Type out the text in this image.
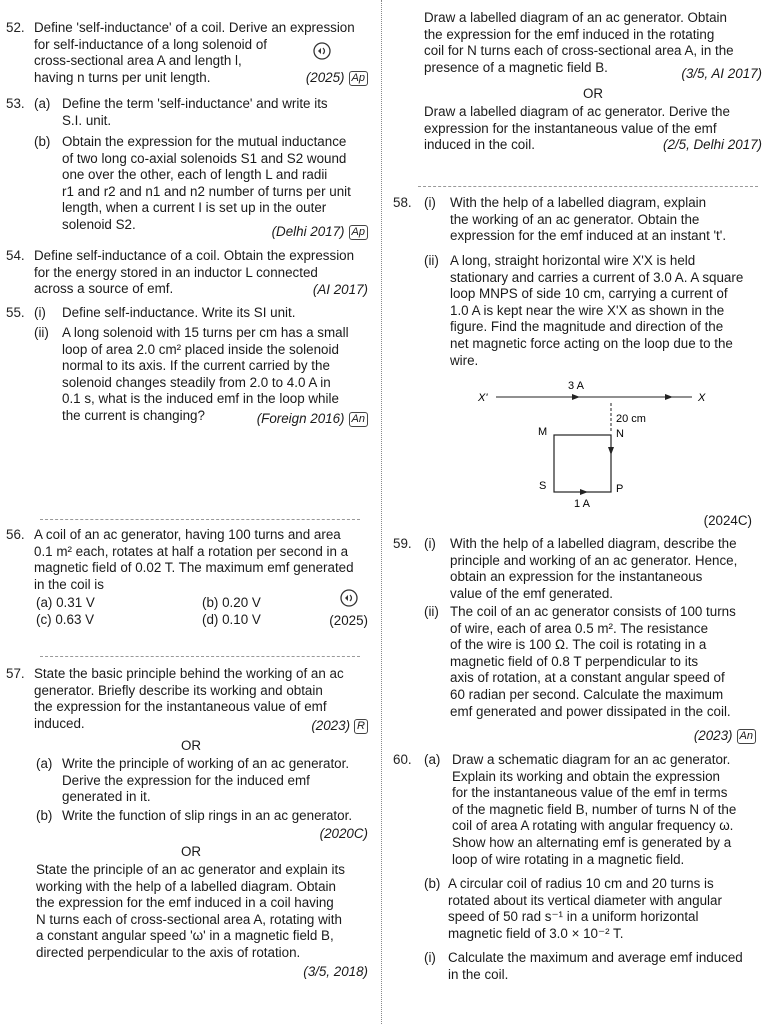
52. Define 'self-inductance' of a coil. Derive an expression
for self-inductance of a long solenoid of
cross-sectional area A and length l,
having n turns per unit length.	(2025) Ap
53. (a) Define the term 'self-inductance' and write its
S.I. unit.
(b) Obtain the expression for the mutual inductance
of two long co-axial solenoids S1 and S2 wound
one over the other, each of length L and radii
r1 and r2 and n1 and n2 number of turns per unit
length, when a current I is set up in the outer
solenoid S2.	(Delhi 2017) Ap
54. Define self-inductance of a coil. Obtain the expression
for the energy stored in an inductor L connected
across a source of emf.	(AI 2017)
55. (i) Define self-inductance. Write its SI unit.
(ii) A long solenoid with 15 turns per cm has a small
loop of area 2.0 cm² placed inside the solenoid
normal to its axis. If the current carried by the
solenoid changes steadily from 2.0 to 4.0 A in
0.1 s, what is the induced emf in the loop while
the current is changing?	(Foreign 2016) An
56. A coil of an ac generator, having 100 turns and area
0.1 m² each, rotates at half a rotation per second in a
magnetic field of 0.02 T. The maximum emf generated
in the coil is
(a) 0.31 V	(b) 0.20 V
(c) 0.63 V	(d) 0.10 V	(2025)
57. State the basic principle behind the working of an ac
generator. Briefly describe its working and obtain
the expression for the instantaneous value of emf
induced.	(2023) R
OR
(a) Write the principle of working of an ac generator.
Derive the expression for the induced emf
generated in it.
(b) Write the function of slip rings in an ac generator.
(2020C)
OR
State the principle of an ac generator and explain its
working with the help of a labelled diagram. Obtain
the expression for the emf induced in a coil having
N turns each of cross-sectional area A, rotating with
a constant angular speed 'ω' in a magnetic field B,
directed perpendicular to the axis of rotation.
(3/5, 2018)
Draw a labelled diagram of an ac generator. Obtain
the expression for the emf induced in the rotating
coil for N turns each of cross-sectional area A, in the
presence of a magnetic field B.	(3/5, AI 2017)
OR
Draw a labelled diagram of ac generator. Derive the
expression for the instantaneous value of the emf
induced in the coil.	(2/5, Delhi 2017)
58. (i) With the help of a labelled diagram, explain
the working of an ac generator. Obtain the
expression for the emf induced at an instant 't'.
(ii) A long, straight horizontal wire X'X is held
stationary and carries a current of 3.0 A. A square
loop MNPS of side 10 cm, carrying a current of
1.0 A is kept near the wire X'X as shown in the
figure. Find the magnitude and direction of the
net magnetic force acting on the loop due to the
wire.
3 A
X'	X
20 cm
M	N
S	P
1 A
(2024C)
59. (i) With the help of a labelled diagram, describe the
principle and working of an ac generator. Hence,
obtain an expression for the instantaneous
value of the emf generated.
(ii) The coil of an ac generator consists of 100 turns
of wire, each of area 0.5 m². The resistance
of the wire is 100 Ω. The coil is rotating in a
magnetic field of 0.8 T perpendicular to its
axis of rotation, at a constant angular speed of
60 radian per second. Calculate the maximum
emf generated and power dissipated in the coil.
(2023) An
60. (a) Draw a schematic diagram for an ac generator.
Explain its working and obtain the expression
for the instantaneous value of the emf in terms
of the magnetic field B, number of turns N of the
coil of area A rotating with angular frequency ω.
Show how an alternating emf is generated by a
loop of wire rotating in a magnetic field.
(b) A circular coil of radius 10 cm and 20 turns is
rotated about its vertical diameter with angular
speed of 50 rad s⁻¹ in a uniform horizontal
magnetic field of 3.0 × 10⁻² T.
(i) Calculate the maximum and average emf induced
in the coil.
